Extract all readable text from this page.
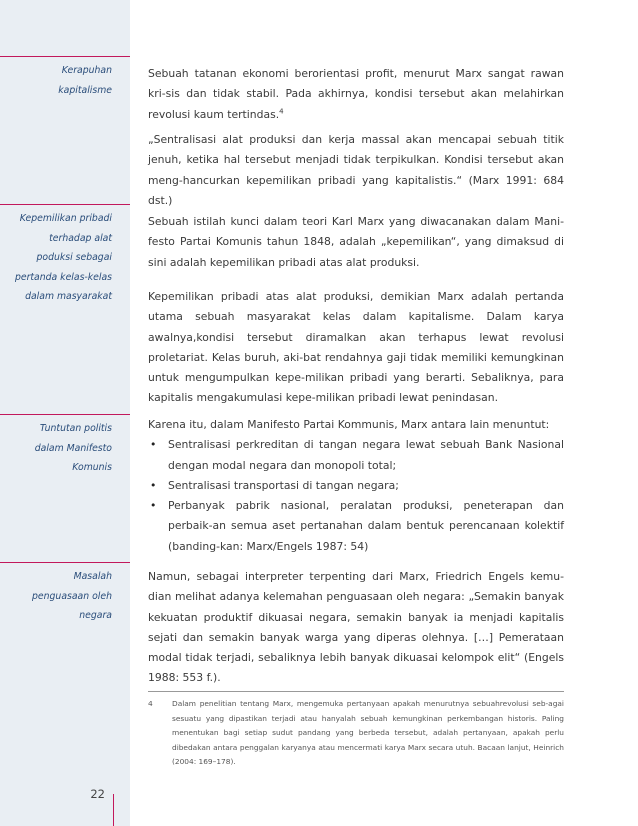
Kerapuhan
kapitalisme
Kepemilikan pribadi
terhadap alat
poduksi sebagai
pertanda kelas-kelas
dalam masyarakat
Tuntutan politis
dalam Manifesto
Komunis
Masalah
penguasaan oleh
negara

Sebuah tatanan ekonomi berorientasi profit, menurut Marx sangat rawan kri-sis dan tidak stabil. Pada akhirnya, kondisi tersebut akan melahirkan revolusi kaum tertindas.$^4$

„Sentralisasi alat produksi dan kerja massal akan mencapai sebuah titik jenuh, ketika hal tersebut menjadi tidak terpikulkan. Kondisi tersebut akan meng-hancurkan kepemilikan pribadi yang kapitalistis.“ (Marx 1991: 684 dst.)

Sebuah istilah kunci dalam teori Karl Marx yang diwacanakan dalam Mani-festo Partai Komunis tahun 1848, adalah „kepemilikan“, yang dimaksud di sini adalah kepemilikan pribadi atas alat produksi.

Kepemilikan pribadi atas alat produksi, demikian Marx adalah pertanda utama sebuah masyarakat kelas dalam kapitalisme. Dalam karya awalnya,kondisi tersebut diramalkan akan terhapus lewat revolusi proletariat. Kelas buruh, aki-bat rendahnya gaji tidak memiliki kemungkinan untuk mengumpulkan kepe-milikan pribadi yang berarti. Sebaliknya, para kapitalis mengakumulasi kepe-milikan pribadi lewat penindasan.

Karena itu, dalam Manifesto Partai Kommunis, Marx antara lain menuntut:

• Sentralisasi perkreditan di tangan negara lewat sebuah Bank Nasional dengan modal negara dan monopoli total;
• Sentralisasi transportasi di tangan negara;
• Perbanyak pabrik nasional, peralatan produksi, peneterapan dan perbaik-an semua aset pertanahan dalam bentuk perencanaan kolektif (banding-kan: Marx/Engels 1987: 54)

Namun, sebagai interpreter terpenting dari Marx, Friedrich Engels kemu-dian melihat adanya kelemahan penguasaan oleh negara: „Semakin banyak kekuatan produktif dikuasai negara, semakin banyak ia menjadi kapitalis sejati dan semakin banyak warga yang diperas olehnya. […] Pemerataan modal tidak terjadi, sebaliknya lebih banyak dikuasai kelompok elit“ (Engels 1988: 553 f.).

4	Dalam penelitian tentang Marx, mengemuka pertanyaan apakah menurutnya sebuahrevolusi seb-agai sesuatu yang dipastikan terjadi atau hanyalah sebuah kemungkinan perkembangan historis. Paling menentukan bagi setiap sudut pandang yang berbeda tersebut, adalah pertanyaan, apakah perlu dibedakan antara penggalan karyanya atau mencermati karya Marx secara utuh. Bacaan lanjut, Heinrich (2004: 169–178).
22
